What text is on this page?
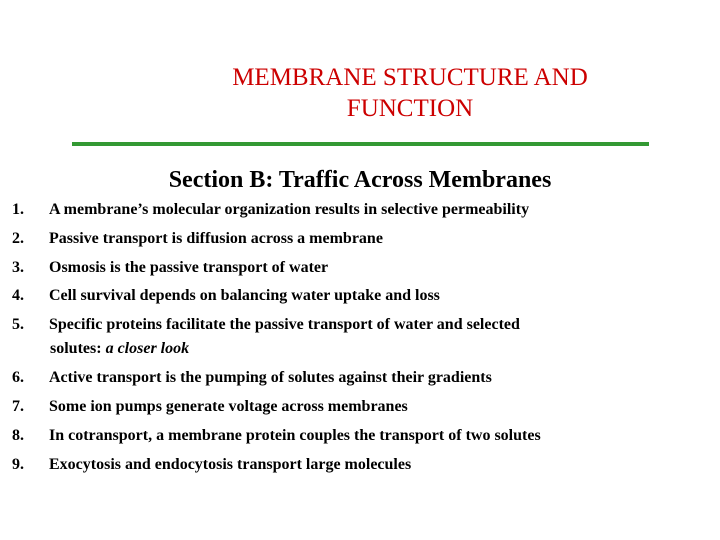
MEMBRANE STRUCTURE AND
FUNCTION
Section B: Traffic Across Membranes
1. A membrane’s molecular organization results in selective permeability
2. Passive transport is diffusion across a membrane
3. Osmosis is the passive transport of water
4. Cell survival depends on balancing water uptake and loss
5. Specific proteins facilitate the passive transport of water and selected
solutes: a closer look
6. Active transport is the pumping of solutes against their gradients
7. Some ion pumps generate voltage across membranes
8. In cotransport, a membrane protein couples the transport of two solutes
9. Exocytosis and endocytosis transport large molecules
